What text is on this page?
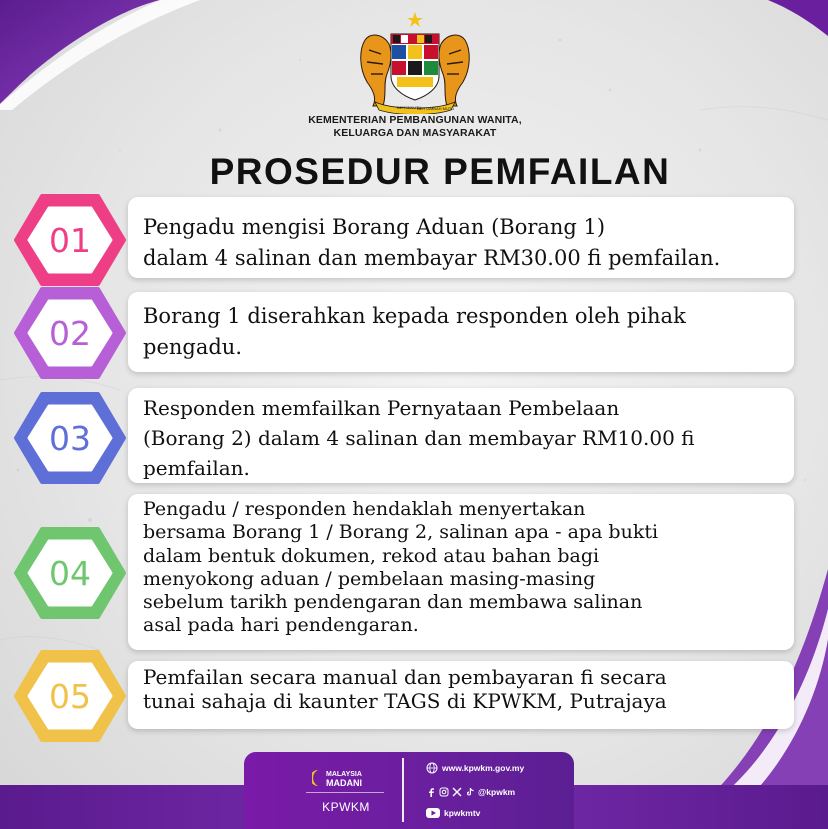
BERSEKUTU
BERTAMBAH MUTU
KEMENTERIAN PEMBANGUNAN WANITA,
KELUARGA DAN MASYARAKAT
PROSEDUR PEMFAILAN
Pengadu mengisi Borang Aduan (Borang 1)
dalam 4 salinan dan membayar RM30.00 fi pemfailan.
01
Borang 1 diserahkan kepada responden oleh pihak
pengadu.
02
Responden memfailkan Pernyataan Pembelaan
(Borang 2) dalam 4 salinan dan membayar RM10.00 fi
pemfailan.
03
Pengadu / responden hendaklah menyertakan
bersama Borang 1 / Borang 2, salinan apa - apa bukti
dalam bentuk dokumen, rekod atau bahan bagi
menyokong aduan / pembelaan masing-masing
sebelum tarikh pendengaran dan membawa salinan
asal pada hari pendengaran.
04
Pemfailan secara manual dan pembayaran fi secara
tunai sahaja di kaunter TAGS di KPWKM, Putrajaya
05
MALAYSIA
MADANI
KPWKM
www.kpwkm.gov.my
@kpwkm
kpwkmtv
